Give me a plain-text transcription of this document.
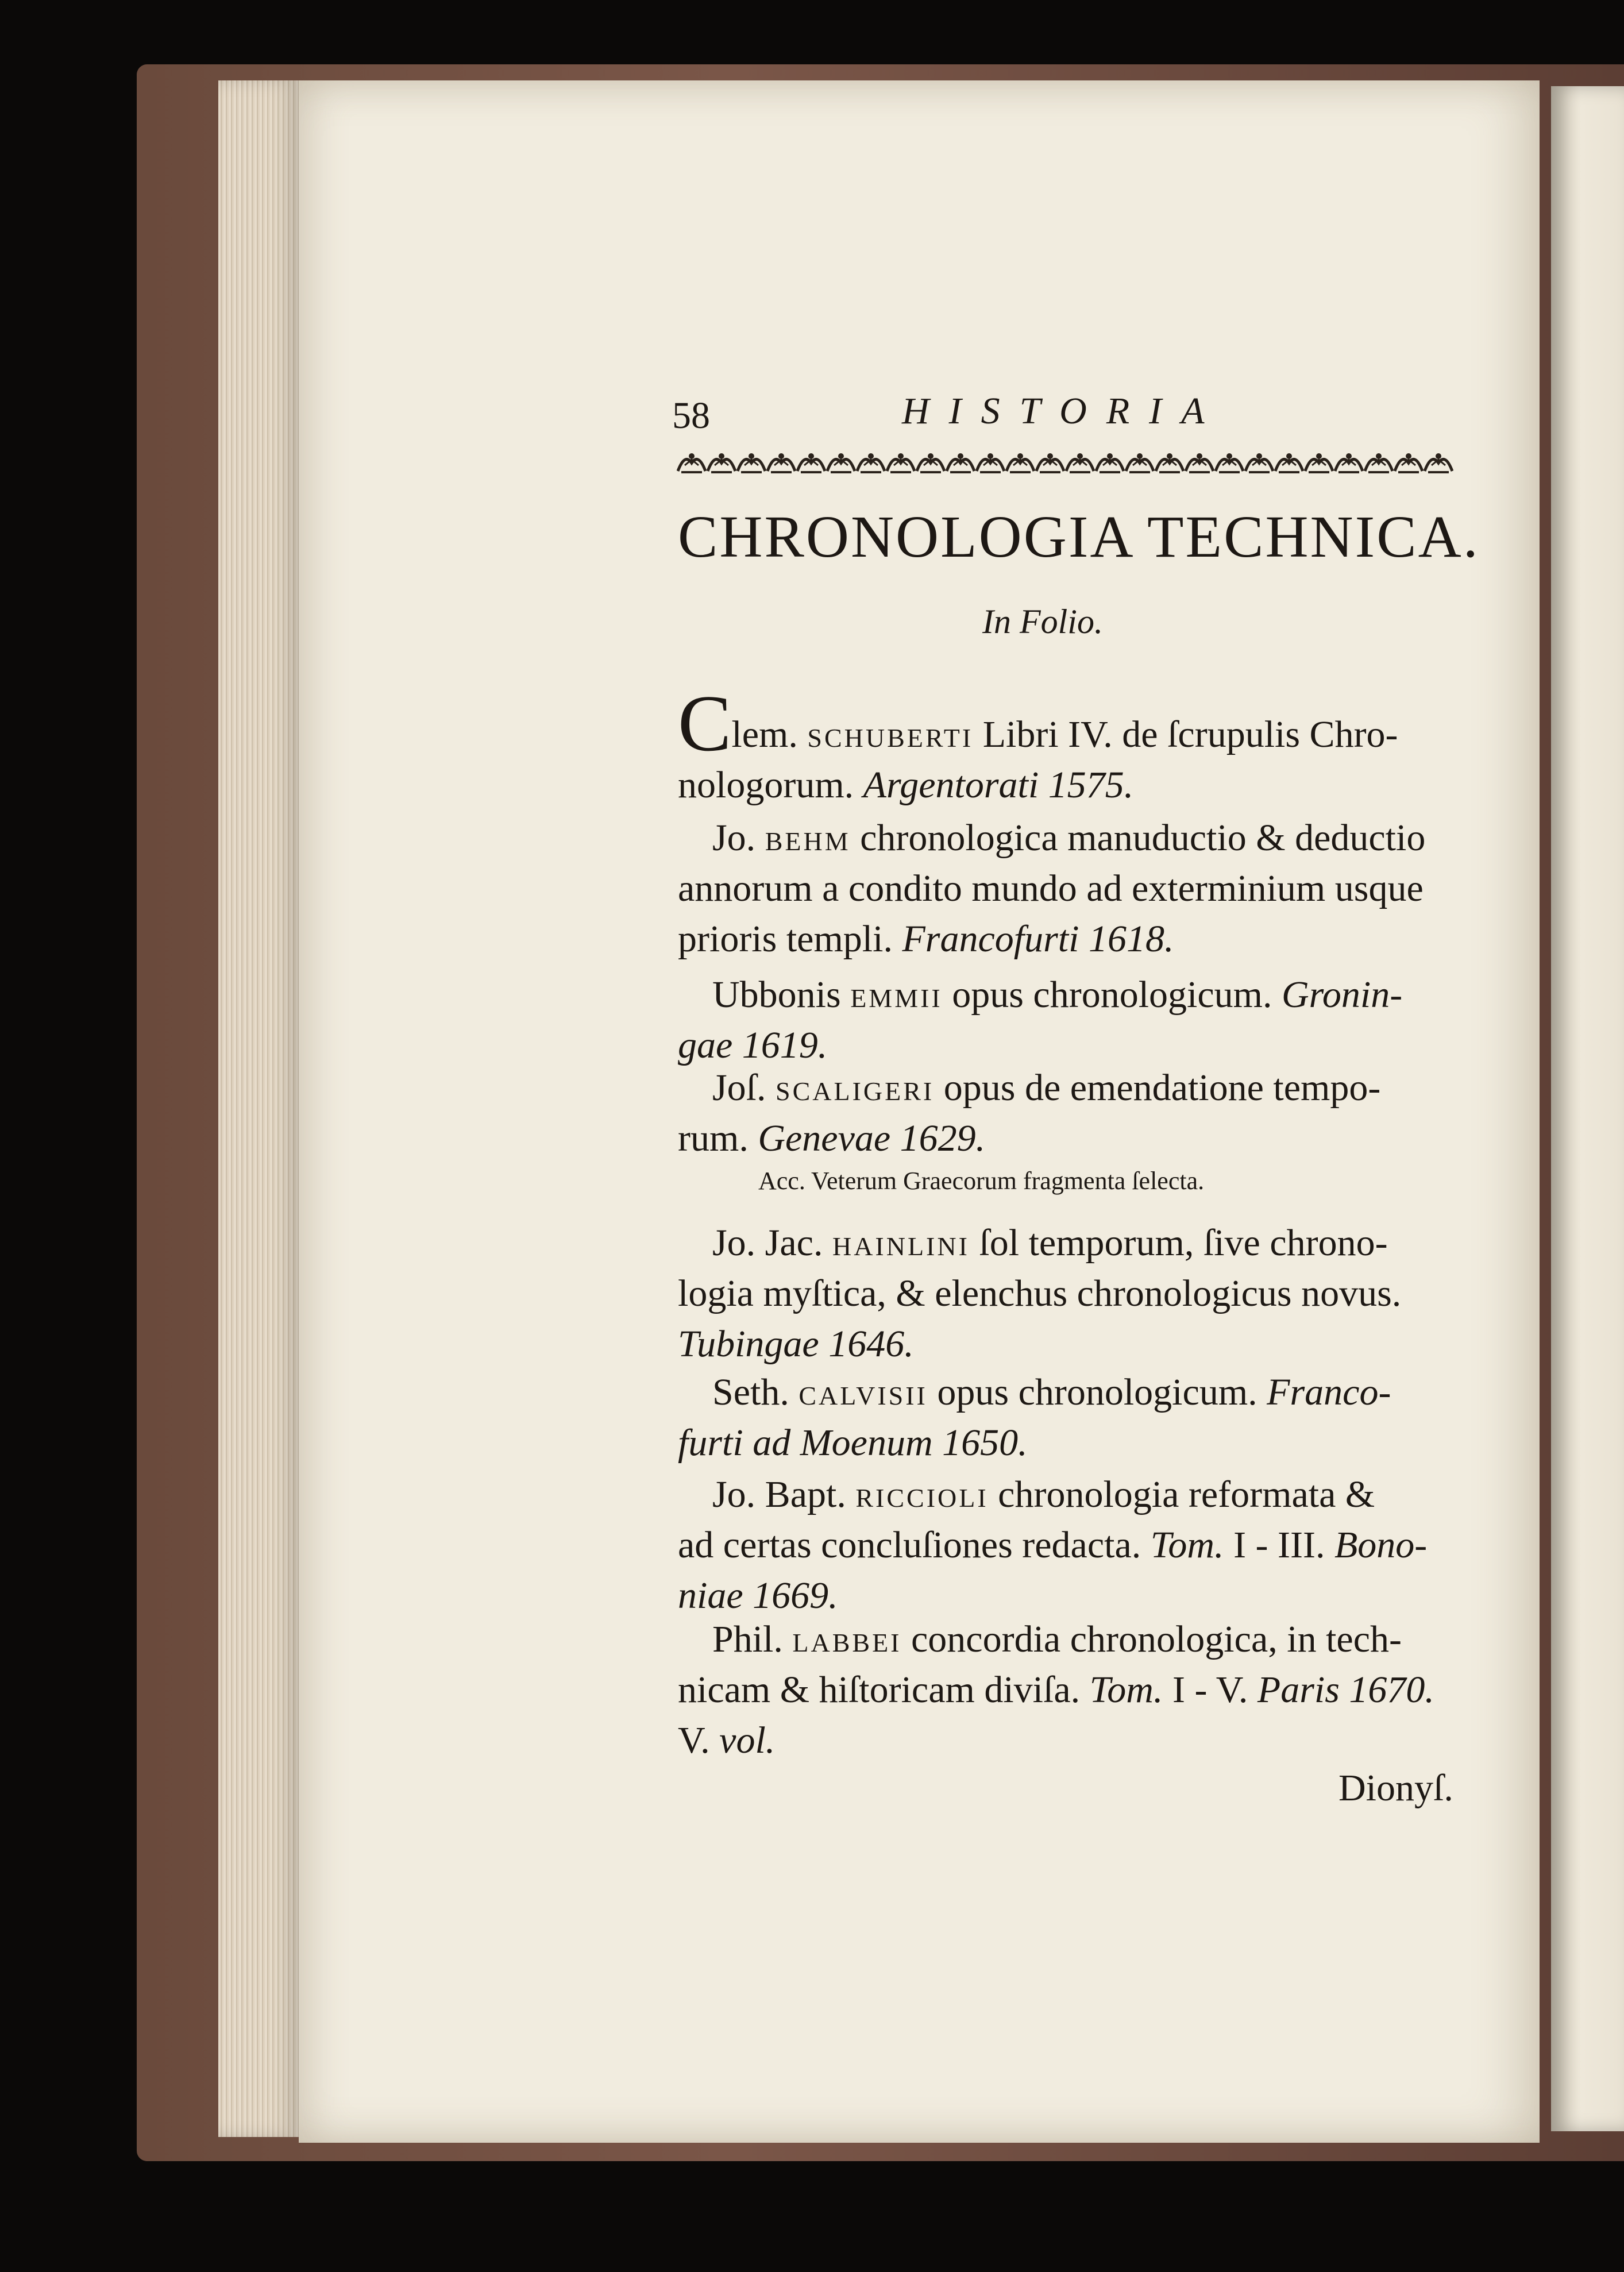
58	HISTORIA
CHRONOLOGIA TECHNICA.
In Folio.
Clem. schuberti Libri IV. de ſcrupulis Chro-
nologorum. Argentorati 1575.
Jo. behm chronologica manuductio & deductio
annorum a condito mundo ad exterminium usque
prioris templi. Francofurti 1618.
Ubbonis emmii opus chronologicum. Gronin-
gae 1619.
Joſ. scaligeri opus de emendatione tempo-
rum. Genevae 1629.
Acc. Veterum Graecorum fragmenta ſelecta.
Jo. Jac. hainlini ſol temporum, ſive chrono-
logia myſtica, & elenchus chronologicus novus.
Tubingae 1646.
Seth. calvisii opus chronologicum. Franco-
furti ad Moenum 1650.
Jo. Bapt. riccioli chronologia reformata &
ad certas concluſiones redacta. Tom. I - III. Bono-
niae 1669.
Phil. labbei concordia chronologica, in tech-
nicam & hiſtoricam diviſa. Tom. I - V. Paris 1670.
V. vol.
Dionyſ.
